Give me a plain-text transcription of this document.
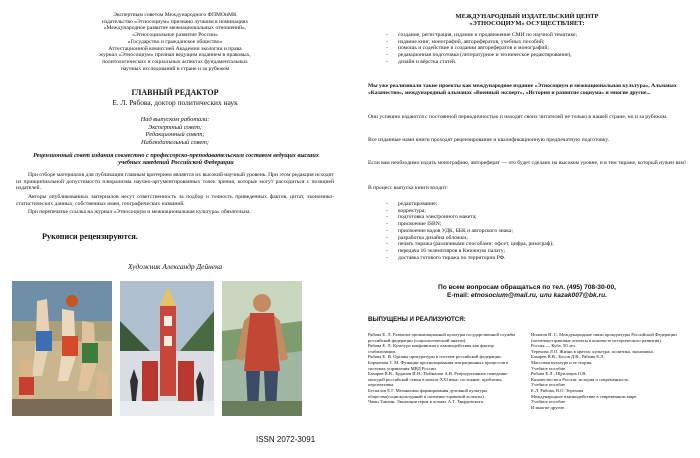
Экспертным советом Международного ФПМОиМК
издательство «Этносоциум» признано лучшим в номинациях
«Международное развитие межнациональных отношений»,
«Этносоциальное развитие России»
«Государство и гражданское общество»
Аттестационной комиссией Академии экологии и права
журнал «Этносоциум» признан ведущим изданием в правовых,
политологических и социальных аспектах фундаментальных
научных исследований в стране и за рубежом
ГЛАВНЫЙ РЕДАКТОР
Е. Л. Рябова, доктор политических наук
Над выпуском работали:
Экспертный совет;
Редакционный совет;
Наблюдательный совет;
Рецензионный совет издания совместно с профессорско-преподавательским составом ведущих высших учебных заведений Российской Федерации
При отборе материалов для публикации главным критерием является их высокий научный уровень. При этом редакция исходит из принципиальной допустимости плюрализма научно-аргументированных точек зрения, которые могут расходиться с позицией издателей.
Авторы опубликованных материалов несут ответственность за подбор и точность приведенных фактов, цитат, экономико-статистических данных, собственных имен, географических названий.
При перепечатке ссылка на журнал «Этносоциум и межнациональная культура» обязательна.
Рукописи рецензируются.
Художник Александр Дейнека
ISSN 2072-3091
МЕЖДУНАРОДНЫЙ ИЗДАТЕЛЬСКИЙ ЦЕНТР
«ЭТНОСОЦИУМ» ОСУЩЕСТВЛЯЕТ:
- создание, регистрация, издание и продвижение СМИ по научной тематике;
- издание книг, монографий, авторефератов, учебных пособий;
- помощь и содействие в создании авторефератов и монографий;
- редакционная подготовка (литературное и техническое редактирование),
- дизайн и вёрстка статей.
Мы уже реализовали такие проекты как международное издание «Этносоциум и межнациональная культура», Альманах «Казачество», международный альманах «Военный эксперт», «История и развитие социума» и многие другие...
Они успешно издаются с постоянной периодичностью и находят своих читателей не только в нашей стране, но и за рубежом.
Все изданные нами книги проходят рецензирование и квалификационную предпечатную подготовку.
Если вам необходимо издать монографию, автореферат — это будет сделано на высоком уровне, и в тем тираже, который нужен вам!
В процесс выпуска книги входит:
- редактирование;
- корректура;
- подготовка электронного макета;
- присвоение ISBN;
- присвоение кодов УДК, ББК и авторского знака;
- разработка дизайна обложки;
- печать тиража (различными способами: офсет, цифра, ризограф);
- передача 16 экземпляров в Книжную палату;
- доставка готового тиража по территории РФ.
По всем вопросам обращаться по тел. (495) 708-30-00,
E-mail: etnosocium@mail.ru, или kazak007@bk.ru.
ВЫПУЩЕНЫ И РЕАЛИЗУЮТСЯ:
Рябова Е. Л. Развитие организационной культуры государственной службы российской федерации (социологический анализ).
Рябова Е. Л. Культура конфликтного взаимодействия как фактор стабилизации.
Рябова Е. И. Органы прокуратуры в системе российской федерации.
Борматова Т. М. Функции прогнозирования миграционных процессов в системах управления МВД России.
Бахарев В.В., Буданов И.Н., Поймалов А.В. Репродуктивное поведение молодой российской семьи в начале XXI века: состояние, проблемы, перспективы.
Беспалов Е.Г. Механизмы формирования духовной культуры общества(социокультурный и политико-правовой аспекты).
Чжан Тинтин. Эволюция героя в позмах А.Т. Твардовского.
Игнатов И. С. Международные связи прокуратуры Российской Федерации (политико-правовые аспекты в контексте исторического развития).
Россия — Куба. 50 лет.
Терехова Л.О. Жизнь в цветах: культура, политика, экономика.
Бахарев В.В., Босов Д.В., Рябова Е.Л.
Массовая культура и ее теория.
Учебное пособие.
Рябова Е.Л., Щуплецов О.В.
Казачество юга России: история и современность.
Учебное пособие
Е.Л. Рябова, В.О. Терехова
Международное взаимодействие в современном мире.
Учебное пособие
И многие другие.
